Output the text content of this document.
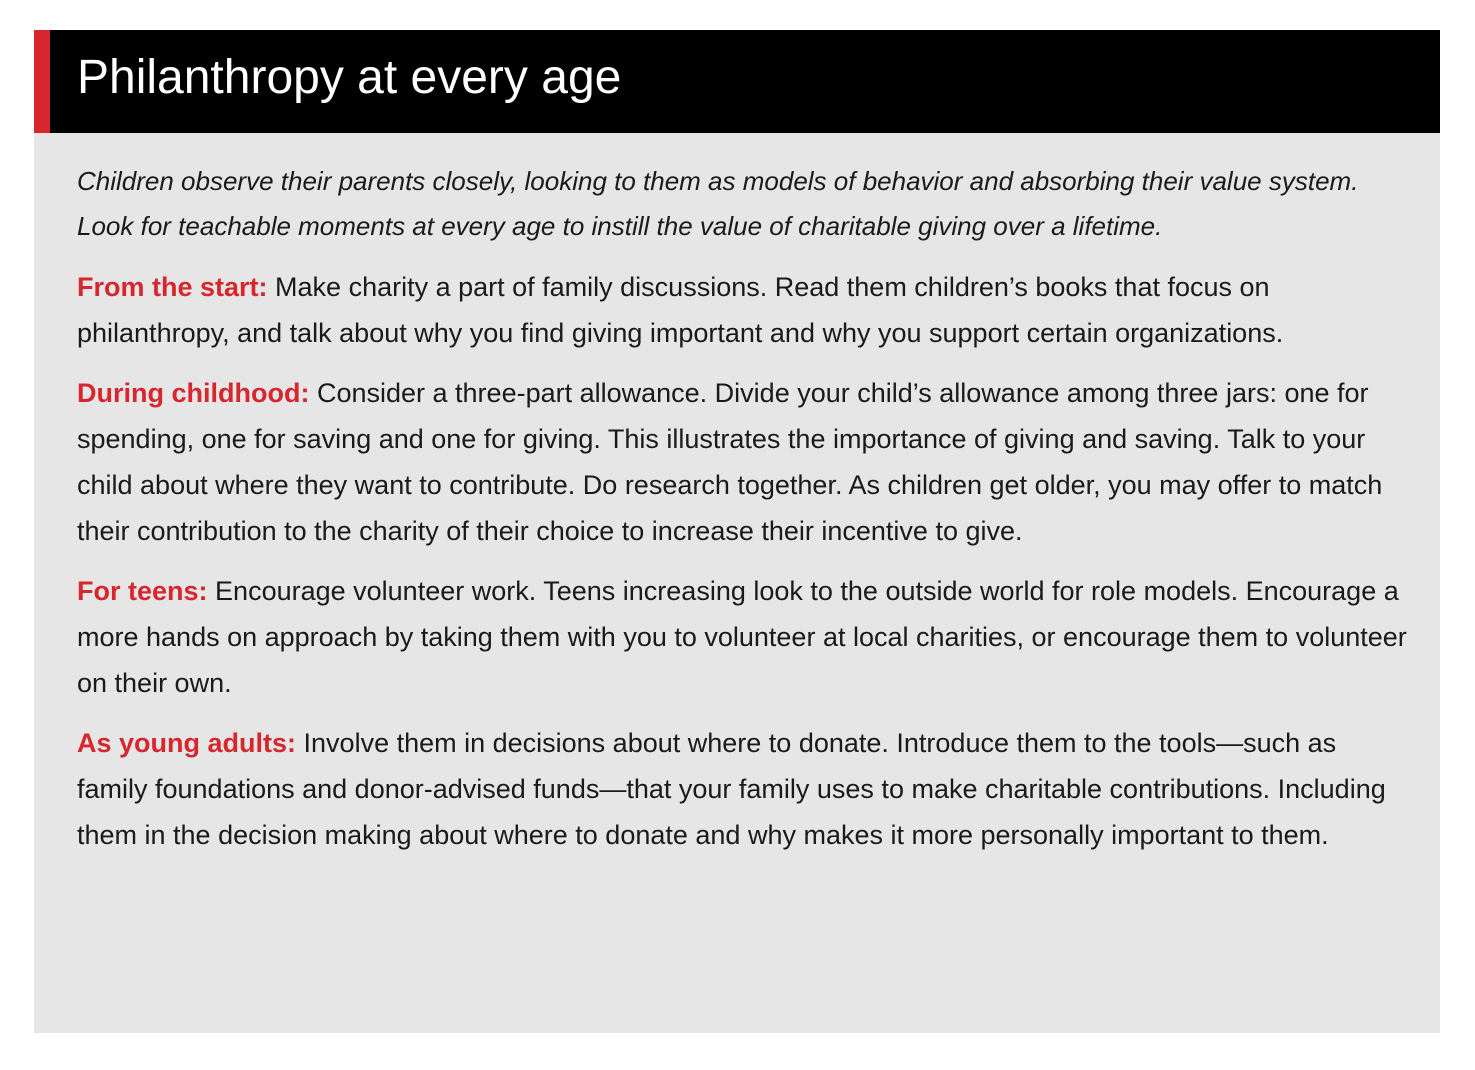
Philanthropy at every age

Children observe their parents closely, looking to them as models of behavior and absorbing their value system. Look for teachable moments at every age to instill the value of charitable giving over a lifetime.

From the start: Make charity a part of family discussions. Read them children’s books that focus on philanthropy, and talk about why you find giving important and why you support certain organizations.

During childhood: Consider a three-part allowance. Divide your child’s allowance among three jars: one for spending, one for saving and one for giving. This illustrates the importance of giving and saving. Talk to your child about where they want to contribute. Do research together. As children get older, you may offer to match their contribution to the charity of their choice to increase their incentive to give.

For teens: Encourage volunteer work. Teens increasing look to the outside world for role models. Encourage a more hands on approach by taking them with you to volunteer at local charities, or encourage them to volunteer on their own.

As young adults: Involve them in decisions about where to donate. Introduce them to the tools—such as family foundations and donor-advised funds—that your family uses to make charitable contributions. Including them in the decision making about where to donate and why makes it more personally important to them.
